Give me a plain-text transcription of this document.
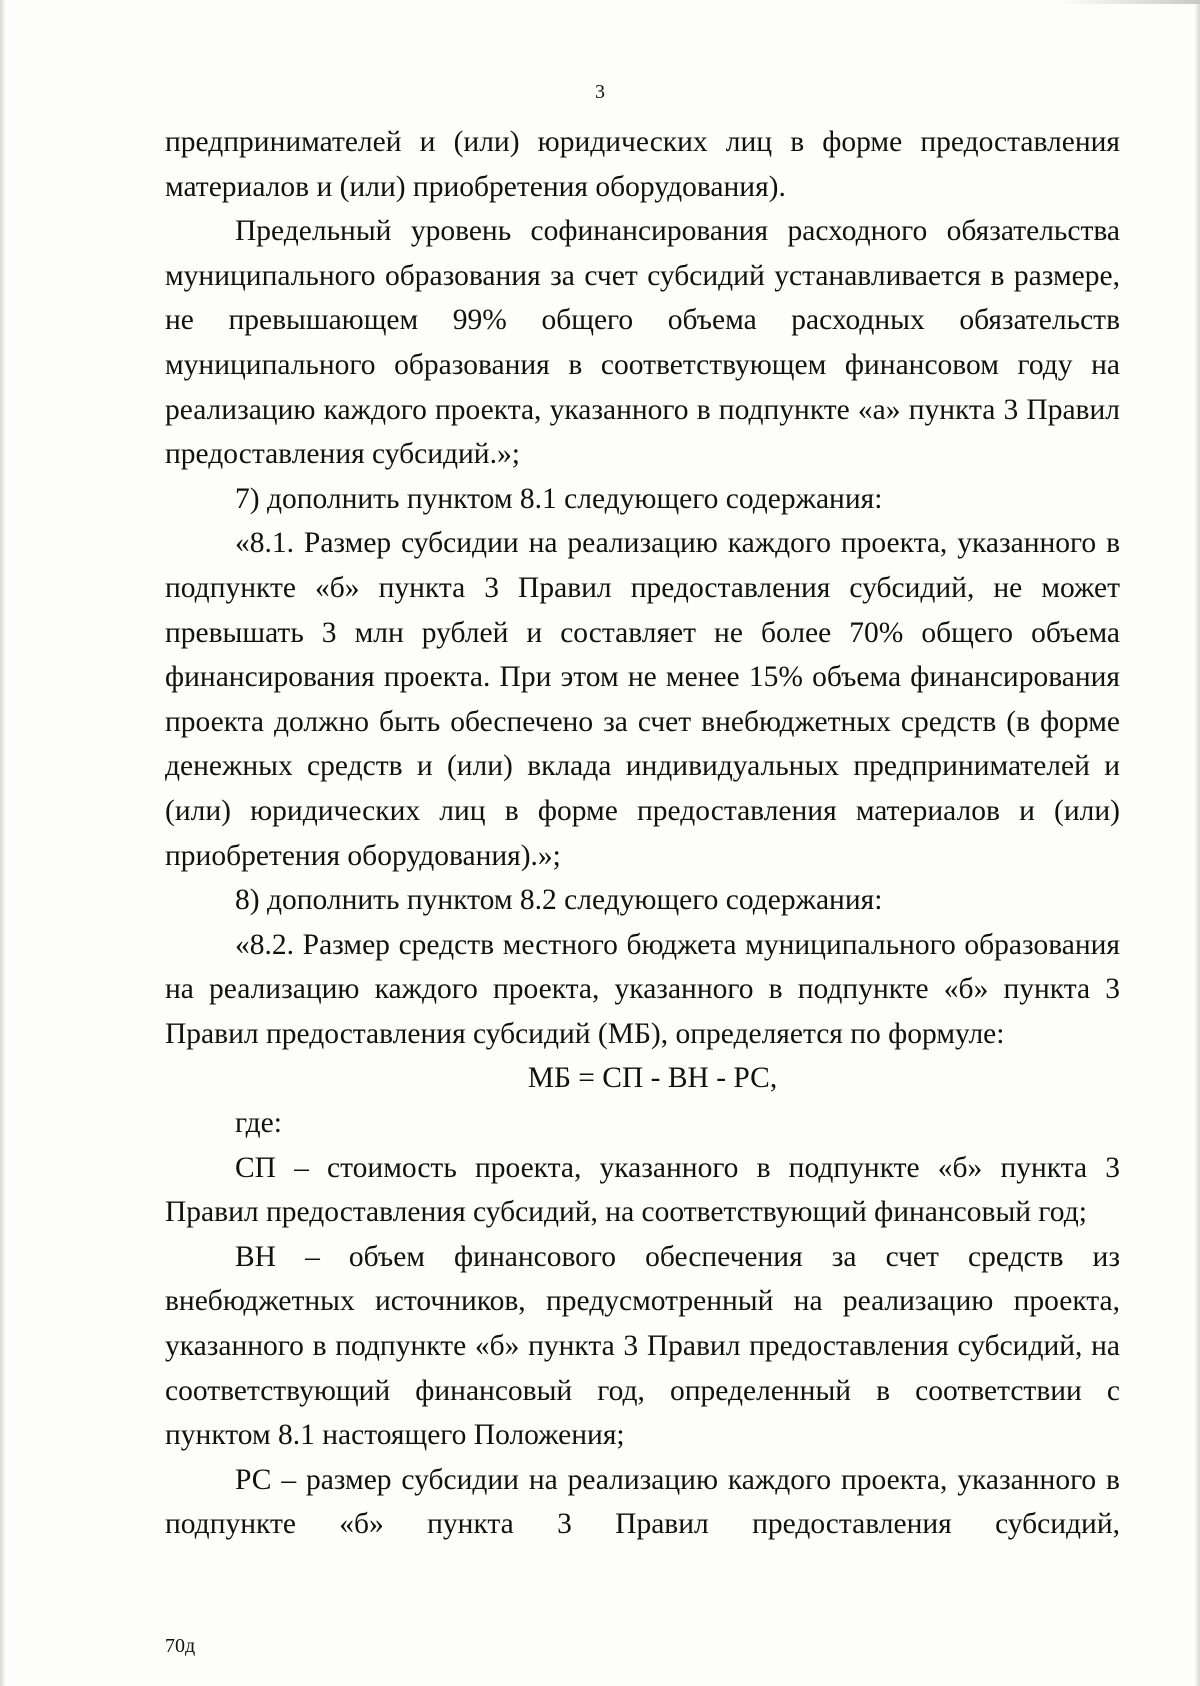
3

предпринимателей и (или) юридических лиц в форме предоставления материалов и (или) приобретения оборудования).

Предельный уровень софинансирования расходного обязательства муниципального образования за счет субсидий устанавливается в размере, не превышающем 99% общего объема расходных обязательств муниципального образования в соответствующем финансовом году на реализацию каждого проекта, указанного в подпункте «а» пункта 3 Правил предоставления субсидий.»;

7) дополнить пунктом 8.1 следующего содержания:

«8.1. Размер субсидии на реализацию каждого проекта, указанного в подпункте «б» пункта 3 Правил предоставления субсидий, не может превышать 3 млн рублей и составляет не более 70% общего объема финансирования проекта. При этом не менее 15% объема финансирования проекта должно быть обеспечено за счет внебюджетных средств (в форме денежных средств и (или) вклада индивидуальных предпринимателей и (или) юридических лиц в форме предоставления материалов и (или) приобретения оборудования).»;

8) дополнить пунктом 8.2 следующего содержания:

«8.2. Размер средств местного бюджета муниципального образования на реализацию каждого проекта, указанного в подпункте «б» пункта 3 Правил предоставления субсидий (МБ), определяется по формуле:

МБ = СП - ВН - РС,

где:

СП – стоимость проекта, указанного в подпункте «б» пункта 3 Правил предоставления субсидий, на соответствующий финансовый год;

ВН – объем финансового обеспечения за счет средств из внебюджетных источников, предусмотренный на реализацию проекта, указанного в подпункте «б» пункта 3 Правил предоставления субсидий, на соответствующий финансовый год, определенный в соответствии с пунктом 8.1 настоящего Положения;

РС – размер субсидии на реализацию каждого проекта, указанного в подпункте «б» пункта 3 Правил предоставления субсидий,

70д
